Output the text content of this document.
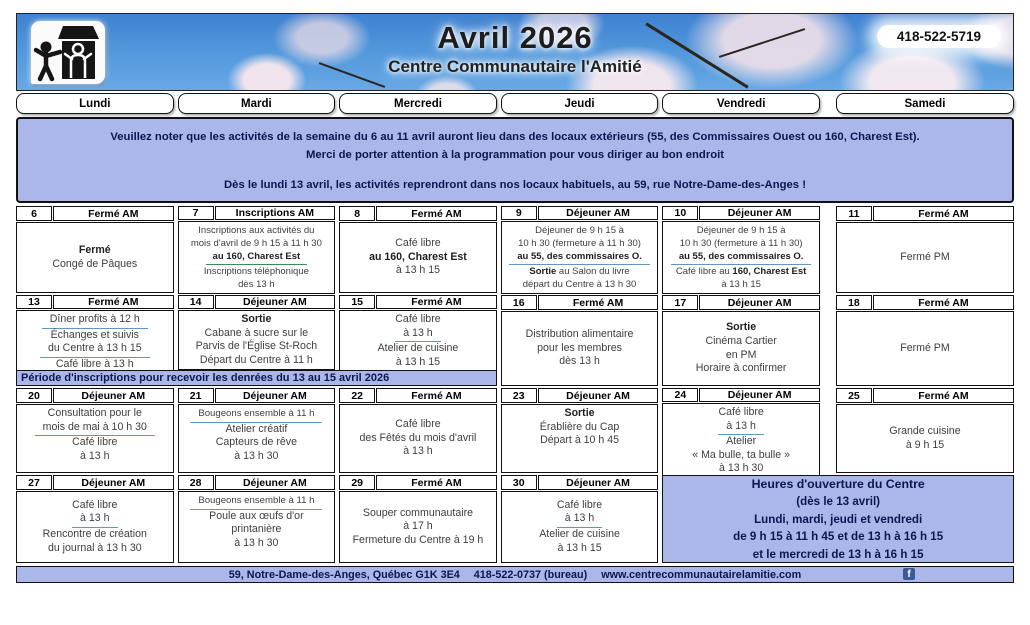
Avril 2026
Centre Communautaire l'Amitié
418-522-5719
Lundi	Mardi	Mercredi	Jeudi	Vendredi	Samedi
Veuillez noter que les activités de la semaine du 6 au 11 avril auront lieu dans des locaux extérieurs (55, des Commissaires Ouest ou 160, Charest Est).
Merci de porter attention à la programmation pour vous diriger au bon endroit
Dès le lundi 13 avril, les activités reprendront dans nos locaux habituels, au 59, rue Notre-Dame-des-Anges !
6	Fermé AM
Fermé
Congé de Pâques
7	Inscriptions AM
Inscriptions aux activités du
mois d'avril de 9 h 15 à 11 h 30
au 160, Charest Est
Inscriptions téléphonique
dès 13 h
8	Fermé AM
Café libre
au 160, Charest Est
à 13 h 15
9	Déjeuner AM
Déjeuner de 9 h 15 à
10 h 30 (fermeture à 11 h 30)
au 55, des commissaires O.
Sortie au Salon du livre
départ du Centre à 13 h 30
10	Déjeuner AM
Déjeuner de 9 h 15 à
10 h 30 (fermeture à 11 h 30)
au 55, des commissaires O.
Café libre au 160, Charest Est
à 13 h 15
11	Fermé AM
Fermé PM
13	Fermé AM
Dîner profits à 12 h
Échanges et suivis
du Centre à 13 h 15
Café libre à 13 h
14	Déjeuner AM
Sortie
Cabane à sucre sur le
Parvis de l'Église St-Roch
Départ du Centre à 11 h
15	Fermé AM
Café libre
à 13 h
Atelier de cuisine
à 13 h 15
16	Fermé AM
Distribution alimentaire
pour les membres
dès 13 h
17	Déjeuner AM
Sortie
Cinéma Cartier
en PM
Horaire à confirmer
18	Fermé AM
Fermé PM
20	Déjeuner AM
Consultation pour le
mois de mai à 10 h 30
Café libre
à 13 h
21	Déjeuner AM
Bougeons ensemble à 11 h
Atelier créatif
Capteurs de rêve
à 13 h 30
22	Fermé AM
Café libre
des Fêtés du mois d'avril
à 13 h
23	Déjeuner AM
Sortie
Érablière du Cap
Départ à 10 h 45
24	Déjeuner AM
Café libre
à 13 h
Atelier
« Ma bulle, ta bulle »
à 13 h 30
25	Fermé AM
Grande cuisine
à 9 h 15
27	Déjeuner AM
Café libre
à 13 h
Rencontre de création
du journal à 13 h 30
28	Déjeuner AM
Bougeons ensemble à 11 h
Poule aux œufs d'or
printanière
à 13 h 30
29	Fermé AM
Souper communautaire
à 17 h
Fermeture du Centre à 19 h
30	Déjeuner AM
Café libre
à 13 h
Atelier de cuisine
à 13 h 15
Période d'inscriptions pour recevoir les denrées du 13 au 15 avril 2026
Heures d'ouverture du Centre
(dès le 13 avril)
Lundi, mardi, jeudi et vendredi
de 9 h 15 à 11 h 45 et de 13 h à 16 h 15
et le mercredi de 13 h à 16 h 15
59, Notre-Dame-des-Anges, Québec G1K 3E4 418-522-0737 (bureau) www.centrecommunautairelamitie.com	f
